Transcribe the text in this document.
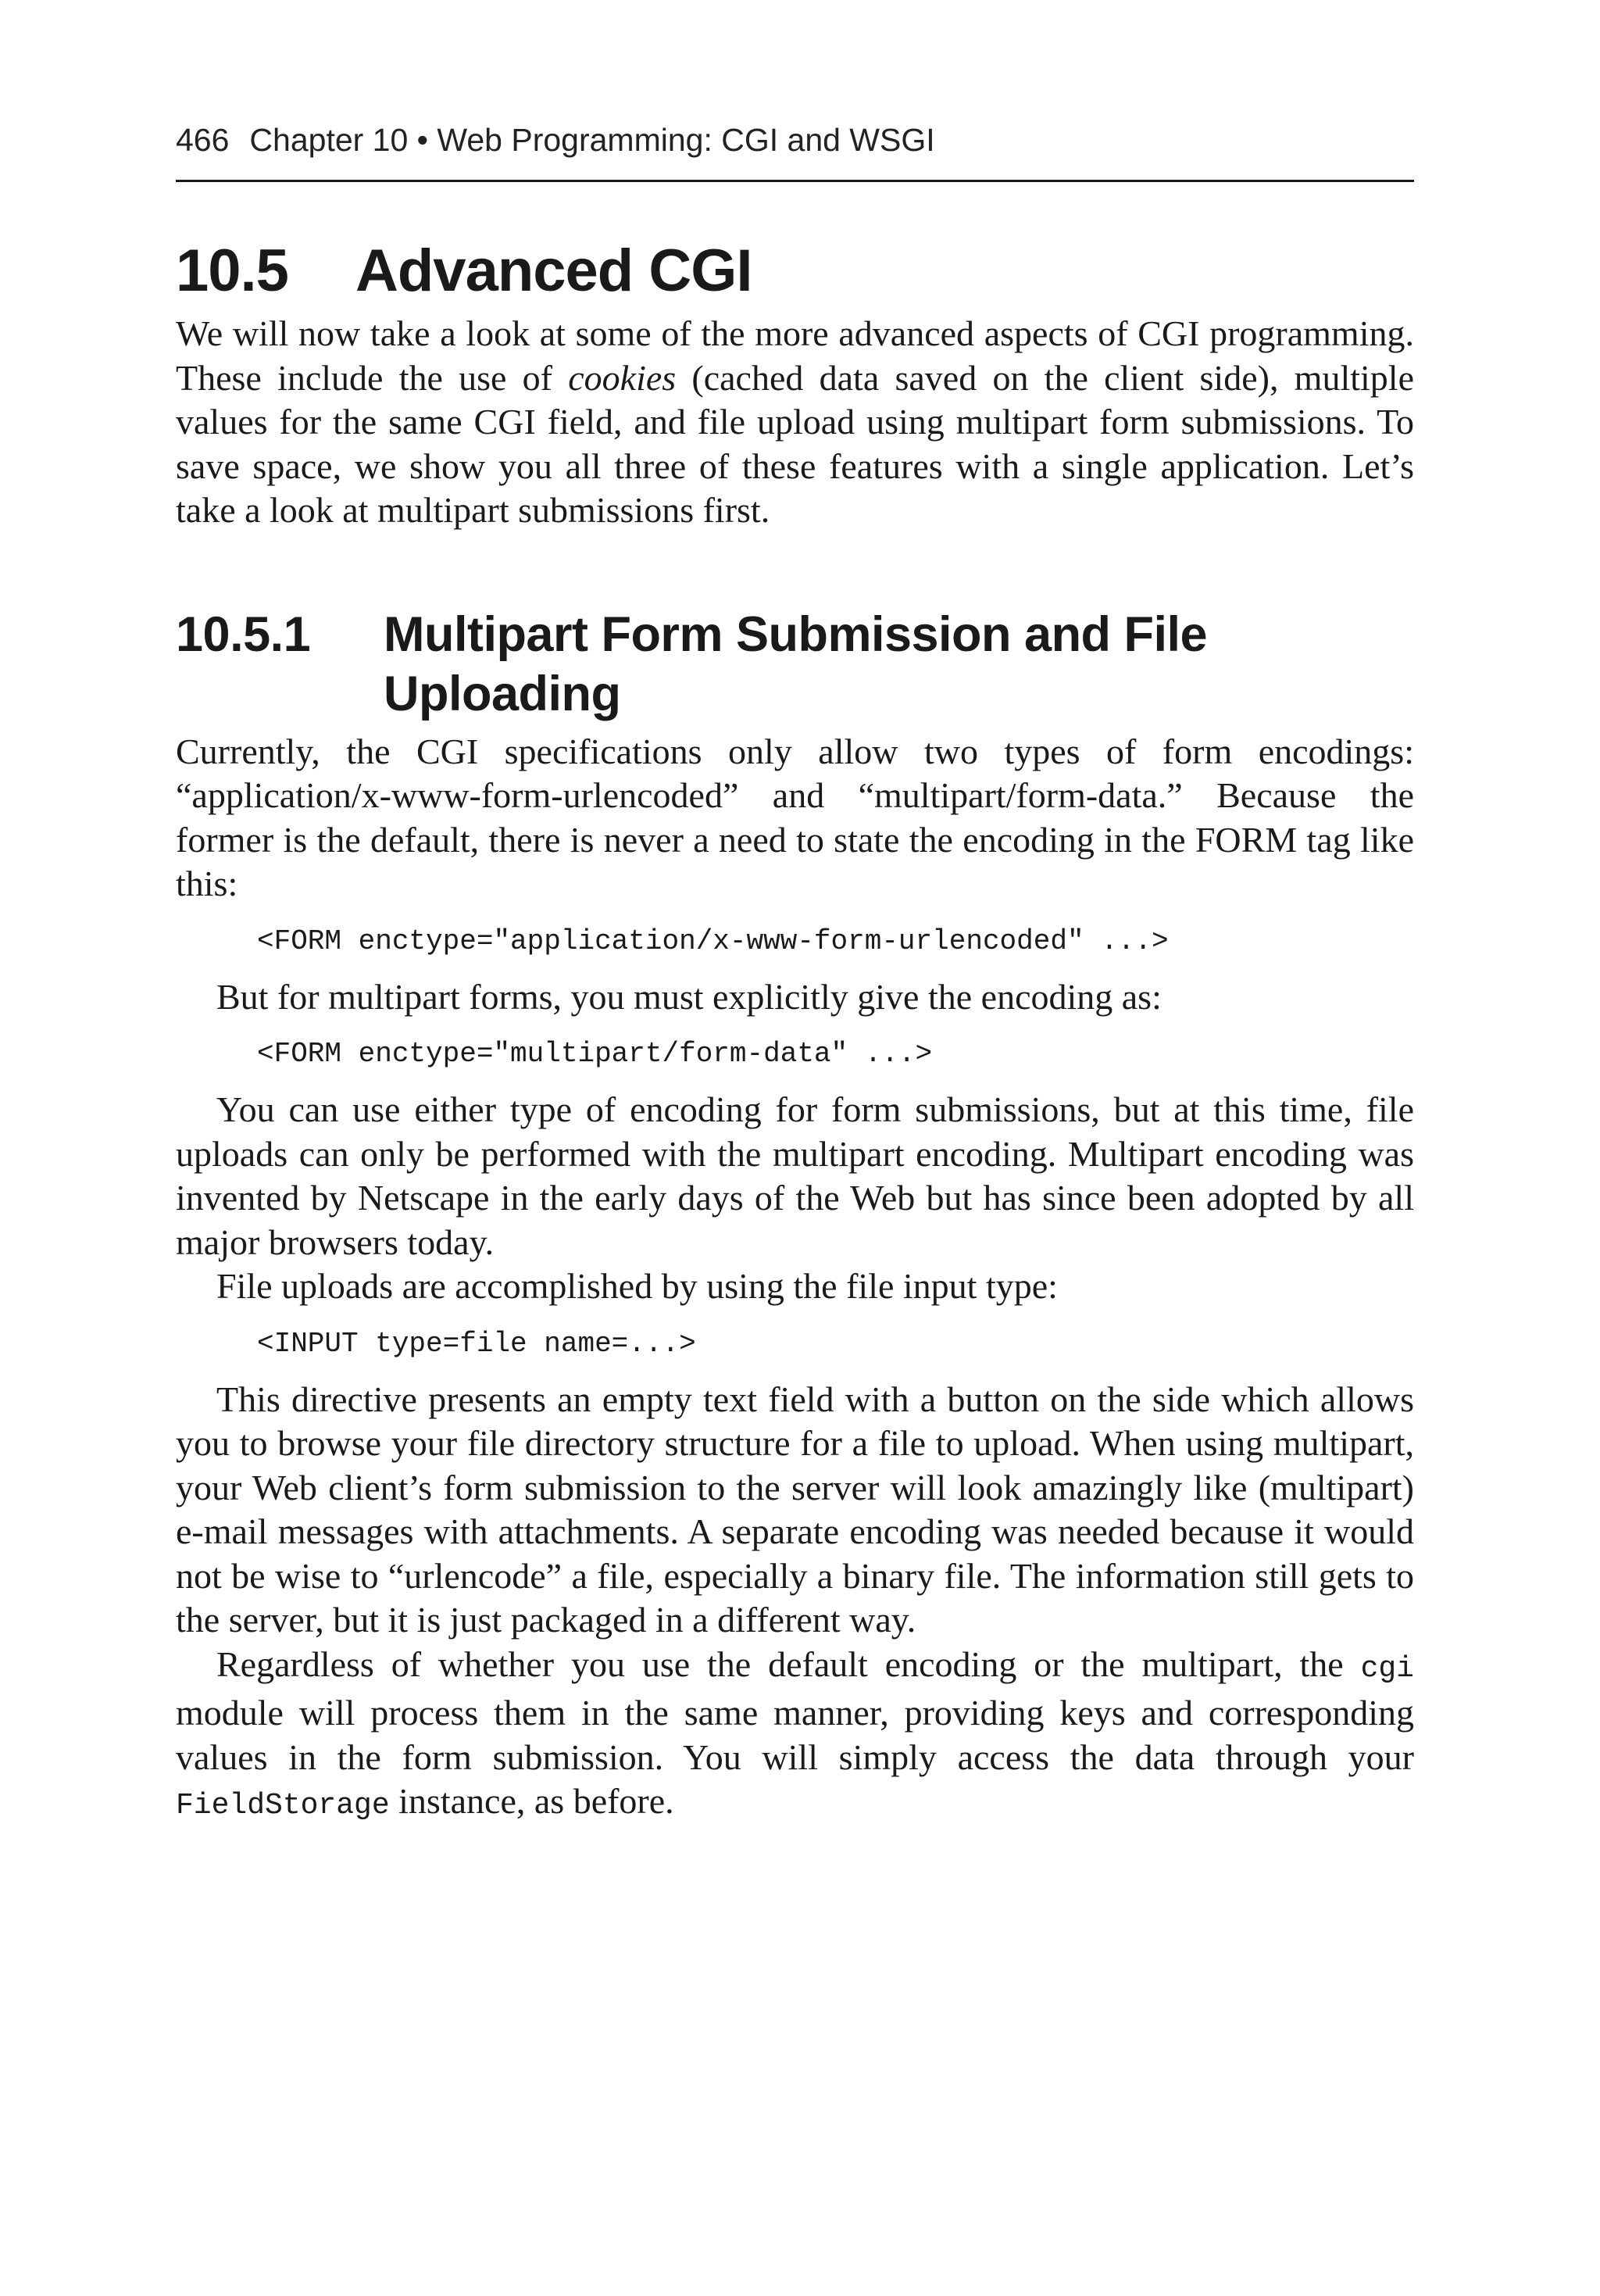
466 Chapter 10 • Web Programming: CGI and WSGI
10.5 Advanced CGI

We will now take a look at some of the more advanced aspects of CGI programming. These include the use of cookies (cached data saved on the client side), multiple values for the same CGI field, and file upload using multipart form submissions. To save space, we show you all three of these features with a single application. Let’s take a look at multipart submissions first.

10.5.1	Multipart Form Submission and File Uploading

Currently, the CGI specifications only allow two types of form encodings: “application/x-www-form-urlencoded” and “multipart/form-data.” Because the former is the default, there is never a need to state the encoding in the FORM tag like this:

<FORM enctype="application/x-www-form-urlencoded" ...>

But for multipart forms, you must explicitly give the encoding as:

<FORM enctype="multipart/form-data" ...>

You can use either type of encoding for form submissions, but at this time, file uploads can only be performed with the multipart encoding. Multipart encoding was invented by Netscape in the early days of the Web but has since been adopted by all major browsers today.

File uploads are accomplished by using the file input type:

<INPUT type=file name=...>

This directive presents an empty text field with a button on the side which allows you to browse your file directory structure for a file to upload. When using multipart, your Web client’s form submission to the server will look amazingly like (multipart) e-mail messages with attachments. A separate encoding was needed because it would not be wise to “urlencode” a file, especially a binary file. The information still gets to the server, but it is just packaged in a different way.

Regardless of whether you use the default encoding or the multipart, the cgi module will process them in the same manner, providing keys and corresponding values in the form submission. You will simply access the data through your FieldStorage instance, as before.
